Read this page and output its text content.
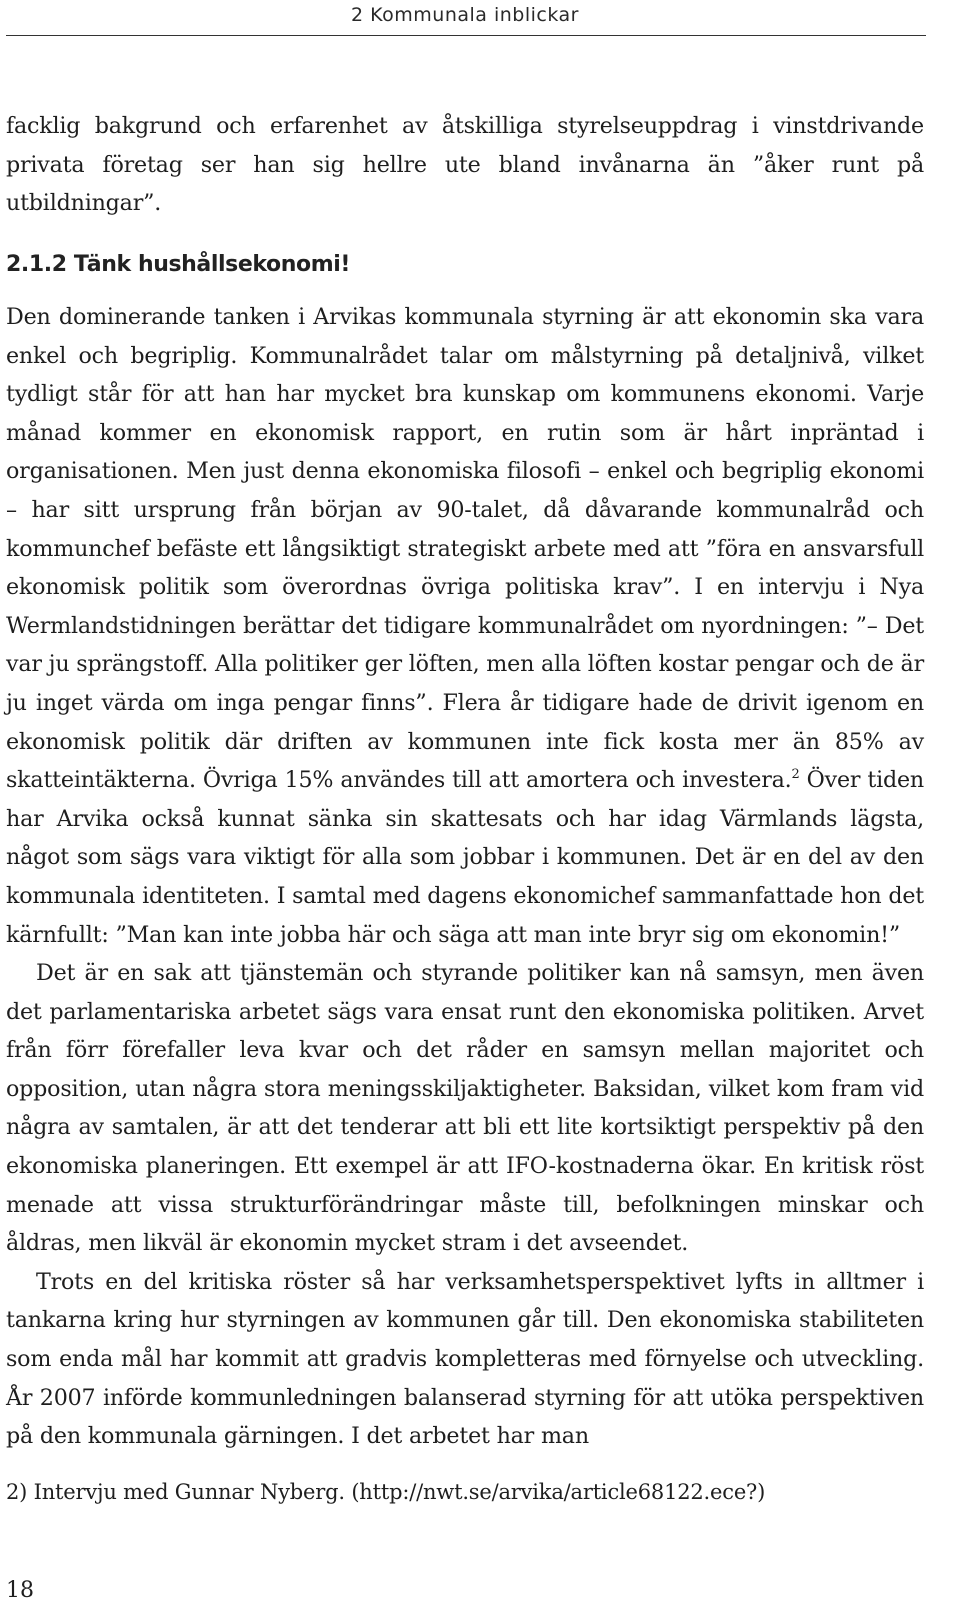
2 Kommunala inblickar

facklig bakgrund och erfarenhet av åtskilliga styrelseuppdrag i vinstdrivande privata företag ser han sig hellre ute bland invånarna än ”åker runt på utbildningar”.

2.1.2 Tänk hushållsekonomi!

Den dominerande tanken i Arvikas kommunala styrning är att ekonomin ska vara enkel och begriplig. Kommunalrådet talar om målstyrning på detaljnivå, vilket tydligt står för att han har mycket bra kunskap om kommunens ekonomi. Varje månad kommer en ekonomisk rapport, en rutin som är hårt inpräntad i organisationen. Men just denna ekonomiska filosofi – enkel och begriplig ekonomi – har sitt ursprung från början av 90-talet, då dåvarande kommunalråd och kommunchef befäste ett långsiktigt strategiskt arbete med att ”föra en ansvarsfull ekonomisk politik som överordnas övriga politiska krav”. I en intervju i Nya Wermlandstidningen berättar det tidigare kommunalrådet om nyordningen: ”– Det var ju sprängstoff. Alla politiker ger löften, men alla löften kostar pengar och de är ju inget värda om inga pengar finns”. Flera år tidigare hade de drivit igenom en ekonomisk politik där driften av kommunen inte fick kosta mer än 85% av skatteintäkterna. Övriga 15% användes till att amortera och investera.$^2$ Över tiden har Arvika också kunnat sänka sin skattesats och har idag Värmlands lägsta, något som sägs vara viktigt för alla som jobbar i kommunen. Det är en del av den kommunala identiteten. I samtal med dagens ekonomichef sammanfattade hon det kärnfullt: ”Man kan inte jobba här och säga att man inte bryr sig om ekonomin!”

Det är en sak att tjänstemän och styrande politiker kan nå samsyn, men även det parlamentariska arbetet sägs vara ensat runt den ekonomiska politiken. Arvet från förr förefaller leva kvar och det råder en samsyn mellan majoritet och opposition, utan några stora meningsskiljaktigheter. Baksidan, vilket kom fram vid några av samtalen, är att det tenderar att bli ett lite kortsiktigt perspektiv på den ekonomiska planeringen. Ett exempel är att IFO-kostnaderna ökar. En kritisk röst menade att vissa strukturförändringar måste till, befolkningen minskar och åldras, men likväl är ekonomin mycket stram i det avseendet.

Trots en del kritiska röster så har verksamhetsperspektivet lyfts in alltmer i tankarna kring hur styrningen av kommunen går till. Den ekonomiska stabiliteten som enda mål har kommit att gradvis kompletteras med förnyelse och utveckling. År 2007 införde kommunledningen balanserad styrning för att utöka perspektiven på den kommunala gärningen. I det arbetet har man

2) Intervju med Gunnar Nyberg. (http://nwt.se/arvika/article68122.ece?)
18
